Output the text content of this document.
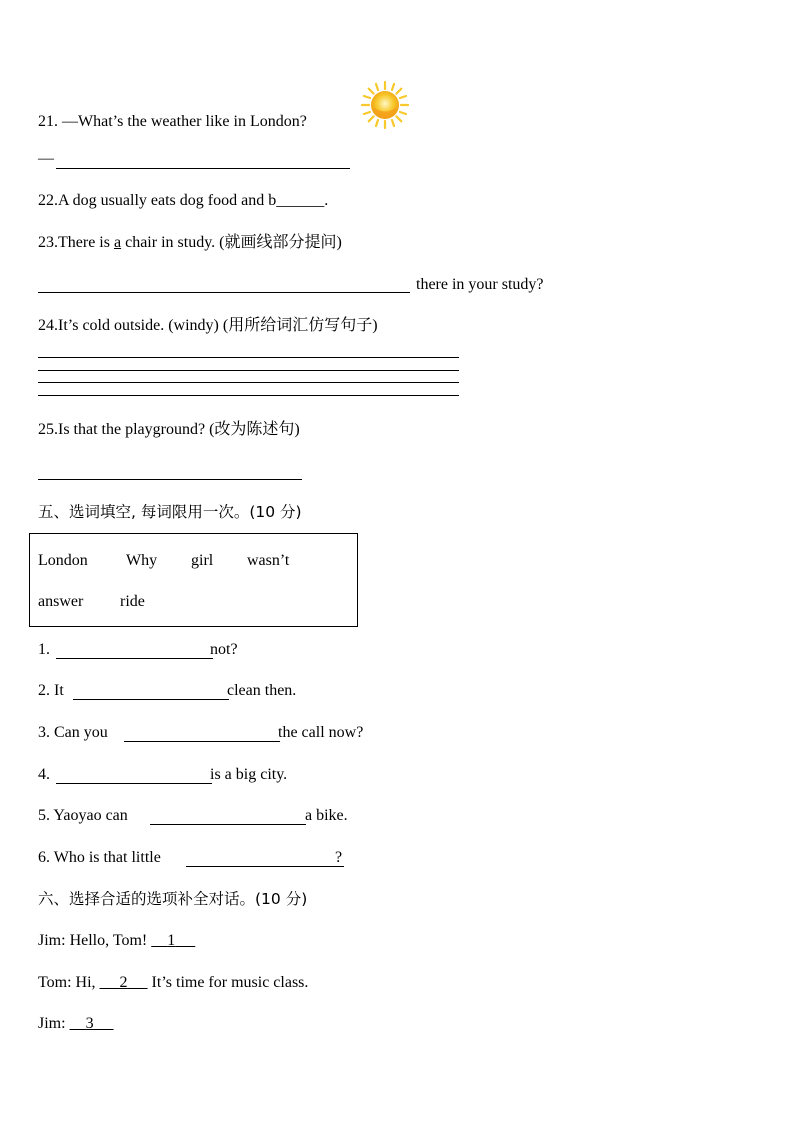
21. —What’s the weather like in London?
—
22.A dog usually eats dog food and b______.
23.There is a chair in study. (就画线部分提问)
there in your study?
24.It’s cold outside. (windy) (用所给词汇仿写句子)
25.Is that the playground? (改为陈述句)
五、选词填空, 每词限用一次。(10 分)
London Why girl wasn’t
answer ride
1.	not?
2. It	clean then.
3. Can you	the call now?
4.	is a big city.
5. Yaoyao can	a bike.
6. Who is that little	?
六、选择合适的选项补全对话。(10 分)
Jim: Hello, Tom!     1
Tom: Hi,      2      It’s time for music class.
Jim:     3
